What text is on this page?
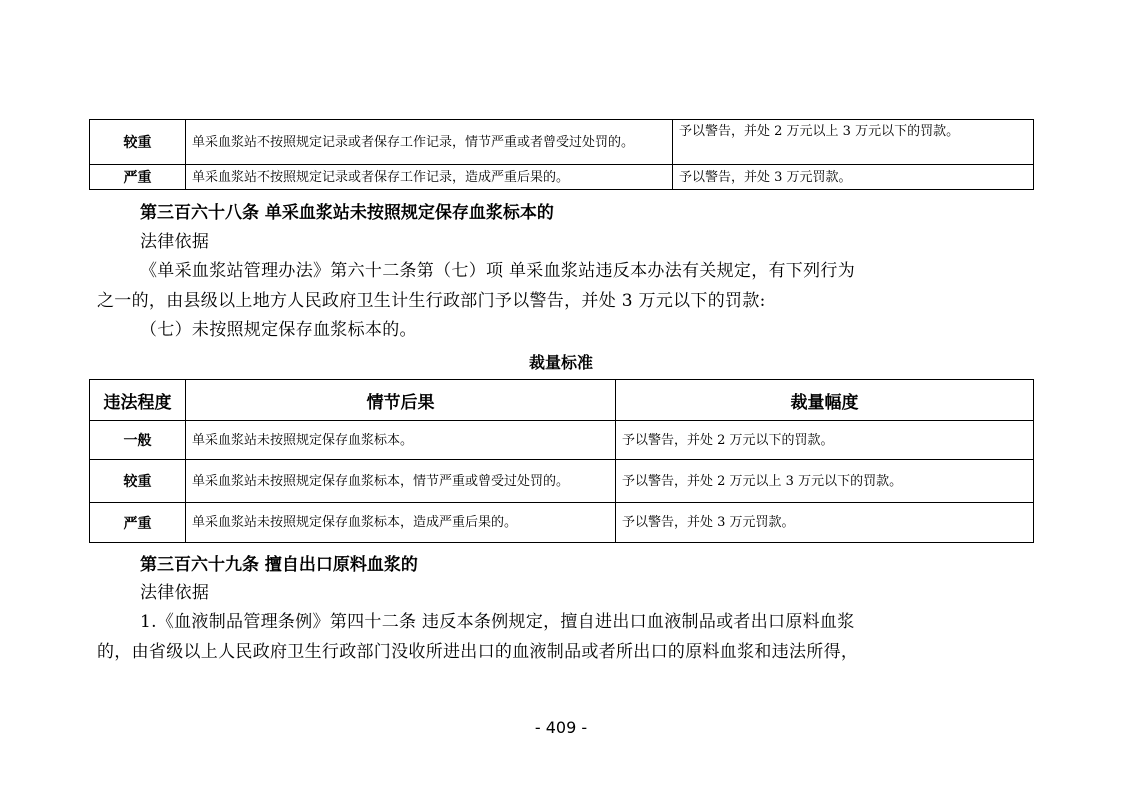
较重	单采血浆站不按照规定记录或者保存工作记录，情节严重或者曾受过处罚的。	予以警告，并处 2 万元以上 3 万元以下的罚款。
严重	单采血浆站不按照规定记录或者保存工作记录，造成严重后果的。	予以警告，并处 3 万元罚款。
第三百六十八条 单采血浆站未按照规定保存血浆标本的
法律依据
《单采血浆站管理办法》第六十二条第（七）项 单采血浆站违反本办法有关规定，有下列行为
之一的，由县级以上地方人民政府卫生计生行政部门予以警告，并处 3 万元以下的罚款:
（七）未按照规定保存血浆标本的。
裁量标准
违法程度	情节后果	裁量幅度
一般	单采血浆站未按照规定保存血浆标本。	予以警告，并处 2 万元以下的罚款。
较重	单采血浆站未按照规定保存血浆标本，情节严重或曾受过处罚的。	予以警告，并处 2 万元以上 3 万元以下的罚款。
严重	单采血浆站未按照规定保存血浆标本，造成严重后果的。	予以警告，并处 3 万元罚款。
第三百六十九条 擅自出口原料血浆的
法律依据
1.《血液制品管理条例》第四十二条 违反本条例规定，擅自进出口血液制品或者出口原料血浆
的，由省级以上人民政府卫生行政部门没收所进出口的血液制品或者所出口的原料血浆和违法所得，
- 409 -
